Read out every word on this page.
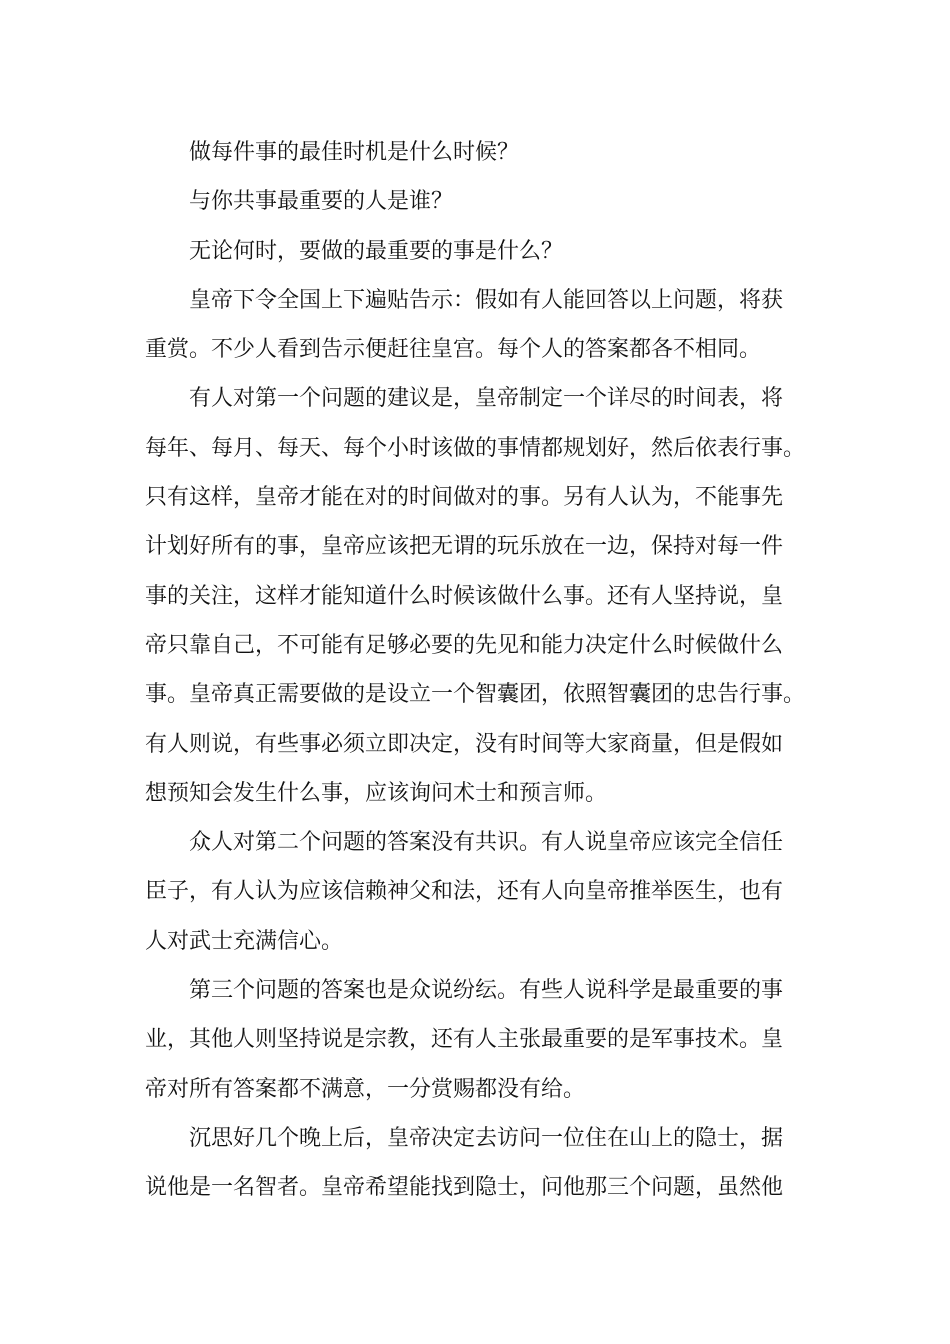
做每件事的最佳时机是什么时候？
与你共事最重要的人是谁？
无论何时，要做的最重要的事是什么？
皇帝下令全国上下遍贴告示：假如有人能回答以上问题，将获
重赏。不少人看到告示便赶往皇宫。每个人的答案都各不相同。
有人对第一个问题的建议是，皇帝制定一个详尽的时间表，将
每年、每月、每天、每个小时该做的事情都规划好，然后依表行事。
只有这样，皇帝才能在对的时间做对的事。另有人认为，不能事先
计划好所有的事，皇帝应该把无谓的玩乐放在一边，保持对每一件
事的关注，这样才能知道什么时候该做什么事。还有人坚持说，皇
帝只靠自己，不可能有足够必要的先见和能力决定什么时候做什么
事。皇帝真正需要做的是设立一个智囊团，依照智囊团的忠告行事。
有人则说，有些事必须立即决定，没有时间等大家商量，但是假如
想预知会发生什么事，应该询问术士和预言师。
众人对第二个问题的答案没有共识。有人说皇帝应该完全信任
臣子，有人认为应该信赖神父和法，还有人向皇帝推举医生，也有
人对武士充满信心。
第三个问题的答案也是众说纷纭。有些人说科学是最重要的事
业，其他人则坚持说是宗教，还有人主张最重要的是军事技术。皇
帝对所有答案都不满意，一分赏赐都没有给。
沉思好几个晚上后，皇帝决定去访问一位住在山上的隐士，据
说他是一名智者。皇帝希望能找到隐士，问他那三个问题，虽然他
